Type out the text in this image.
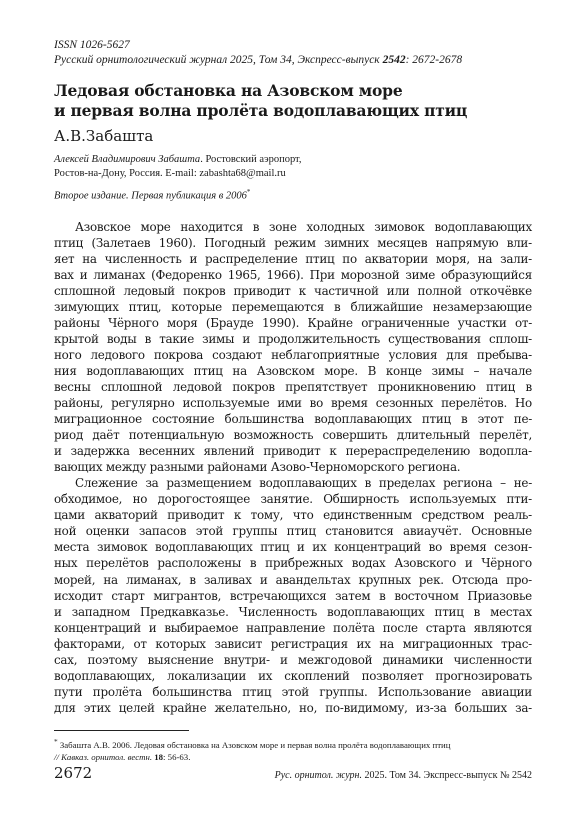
ISSN 1026-5627
Русский орнитологический журнал 2025, Том 34, Экспресс-выпуск 2542: 2672-2678
Ледовая обстановка на Азовском море
и первая волна пролёта водоплавающих птиц
А.В.Забашта
Алексей Владимирович Забашта. Ростовский аэропорт,
Ростов-на-Дону, Россия. E-mail: zabashta68@mail.ru
Второе издание. Первая публикация в 2006*
Азовское море находится в зоне холодных зимовок водоплавающих
птиц (Залетаев 1960). Погодный режим зимних месяцев напрямую вли-
яет на численность и распределение птиц по акватории моря, на зали-
вах и лиманах (Федоренко 1965, 1966). При морозной зиме образующийся
сплошной ледовый покров приводит к частичной или полной откочёвке
зимующих птиц, которые перемещаются в ближайшие незамерзающие
районы Чёрного моря (Брауде 1990). Крайне ограниченные участки от-
крытой воды в такие зимы и продолжительность существования сплош-
ного ледового покрова создают неблагоприятные условия для пребыва-
ния водоплавающих птиц на Азовском море. В конце зимы – начале
весны сплошной ледовой покров препятствует проникновению птиц в
районы, регулярно используемые ими во время сезонных перелётов. Но
миграционное состояние большинства водоплавающих птиц в этот пе-
риод даёт потенциальную возможность совершить длительный перелёт,
и задержка весенних явлений приводит к перераспределению водопла-
вающих между разными районами Азово-Черноморского региона.
Слежение за размещением водоплавающих в пределах региона – не-
обходимое, но дорогостоящее занятие. Обширность используемых пти-
цами акваторий приводит к тому, что единственным средством реаль-
ной оценки запасов этой группы птиц становится авиаучёт. Основные
места зимовок водоплавающих птиц и их концентраций во время сезон-
ных перелётов расположены в прибрежных водах Азовского и Чёрного
морей, на лиманах, в заливах и авандельтах крупных рек. Отсюда про-
исходит старт мигрантов, встречающихся затем в восточном Приазовье
и западном Предкавказье. Численность водоплавающих птиц в местах
концентраций и выбираемое направление полёта после старта являются
факторами, от которых зависит регистрация их на миграционных трас-
сах, поэтому выяснение внутри- и межгодовой динамики численности
водоплавающих, локализации их скоплений позволяет прогнозировать
пути пролёта большинства птиц этой группы. Использование авиации
для этих целей крайне желательно, но, по-видимому, из-за больших за-
* Забашта А.В. 2006. Ледовая обстановка на Азовском море и первая волна пролёта водоплавающих птиц
// Кавказ. орнитол. вестн. 18: 56-63.
2672	Рус. орнитол. журн. 2025. Том 34. Экспресс-выпуск № 2542
